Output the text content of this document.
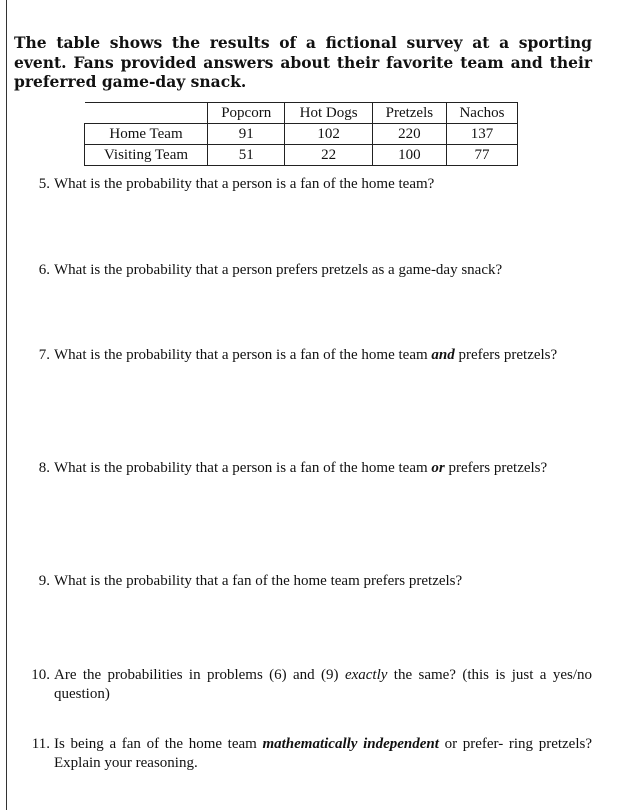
The table shows the results of a fictional survey at a sporting event. Fans provided answers about their favorite team and their preferred game-day snack.

	Popcorn	Hot Dogs	Pretzels	Nachos
Home Team	91	102	220	137
Visiting Team	51	22	100	77
5. What is the probability that a person is a fan of the home team?
6. What is the probability that a person prefers pretzels as a game-day snack?
7. What is the probability that a person is a fan of the home team and prefers pretzels?
8. What is the probability that a person is a fan of the home team or prefers pretzels?
9. What is the probability that a fan of the home team prefers pretzels?
10. Are the probabilities in problems (6) and (9) exactly the same? (this is just a yes/no question)
11. Is being a fan of the home team mathematically independent or prefer- ring pretzels? Explain your reasoning.
